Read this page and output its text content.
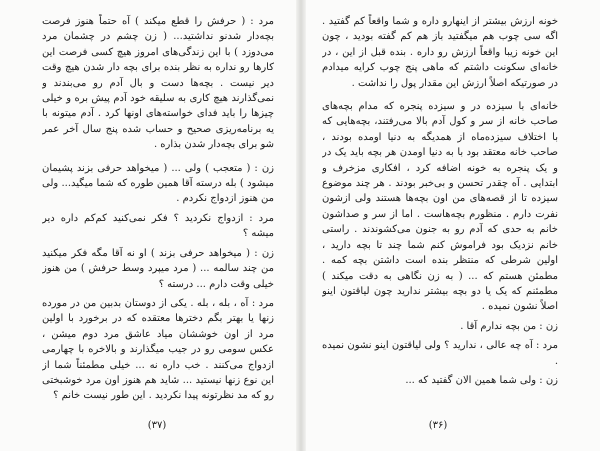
مرد : ( حرفش را قطع میکند ) آه حتماً هنوز فرصت بچه‌دار شدنو نداشتید... ( زن چشم در چشمان مرد می‌دوزد ) با این زندگی‌های امروز هیچ کسی فرصت این کارها رو نداره به نظر بنده برای بچه دار شدن هیچ وقت دیر نیست . بچه‌ها دست و بال آدم رو می‌بندند و نمی‌گذارند هیچ کاری به سلیقه خود آدم پیش بره و خیلی چیزها را باید فدای خواسته‌های اونها کرد . آدم میتونه با یه برنامه‌ریزی صحیح و حساب شده پنج سال آخر عمر شو برای بچه‌دار شدن بذاره .

زن : ( متعجب ) ولی ... ( میخواهد حرفی بزند پشیمان میشود ) بله درسته آقا همین طوره که شما میگید... ولی من هنوز ازدواج نکردم .

مرد : ازدواج نکردید ؟ فکر نمی‌کنید کم‌کم داره دیر میشه ؟

زن : ( میخواهد حرفی بزند ) او نه آقا مگه فکر میکنید من چند سالمه ... ( مرد میپرد وسط حرفش ) من هنوز خیلی وقت دارم ... درسته ؟

مرد : آه ، بله ، بله . یکی از دوستان بدبین من در مورده زنها یا بهتر بگم دخترها معتقده که در برخورد با اولین مرد از اون خوششان میاد عاشق مرد دوم میشن ، عکس سومی رو در جیب میگذارند و بالاخره با چهارمی ازدواج می‌کنند . خب داره نه ... خیلی مطمئناً شما از این نوع زنها نیستید ... شاید هم هنوز اون مرد خوشبختی رو که مد نظرتونه پیدا نکردید . این طور نیست خانم ؟

خونه ارزش بیشتر از اینهارو داره و شما واقعاً کم گفتید . اگه سی چوب هم میگفتید باز هم کم گفته بودید ، چون این خونه زیبا واقعاً ارزش رو داره . بنده قبل از این ، در خانه‌ای سکونت داشتم که ماهی پنج چوب کرایه میدادم در صورتیکه اصلاً ارزش این مقدار پول را نداشت .

خانه‌ای با سیزده در و سیزده پنجره که مدام بچه‌های صاحب خانه از سر و کول آدم بالا می‌رفتند، بچه‌هایی که با اختلاف سیزده‌ماه از همدیگه به دنیا اومده بودند ، صاحب خانه معتقد بود با به دنیا اومدن هر بچه باید یک در و یک پنجره به خونه اضافه کرد ، افکاری مزخرف و ابتدایی . آه چقدر تحسن و بی‌خبر بودند . هر چند موضوع سیزده تا از قصه‌های من اون بچه‌ها هستند ولی ازشون نفرت دارم . منظورم بچه‌هاست . اما از سر و صداشون خانم به حدی که آدم رو به جنون می‌کشوندند . راستی خانم نزدیک بود فراموش کنم شما چند تا بچه دارید ، اولین شرطی که منتظر بنده است داشتن بچه کمه . مطمئن هستم که ... ( به زن نگاهی به دقت میکند ) مطمئنم که یک یا دو بچه بیشتر ندارید چون لیاقتون اینو اصلاً نشون نمیده .

زن : من بچه ندارم آقا .

مرد : آه چه عالی ، ندارید ؟ ولی لیاقتون اینو نشون نمیده .

زن : ولی شما همین الان گفتید که ...

(۳۷)	(۳۶)
